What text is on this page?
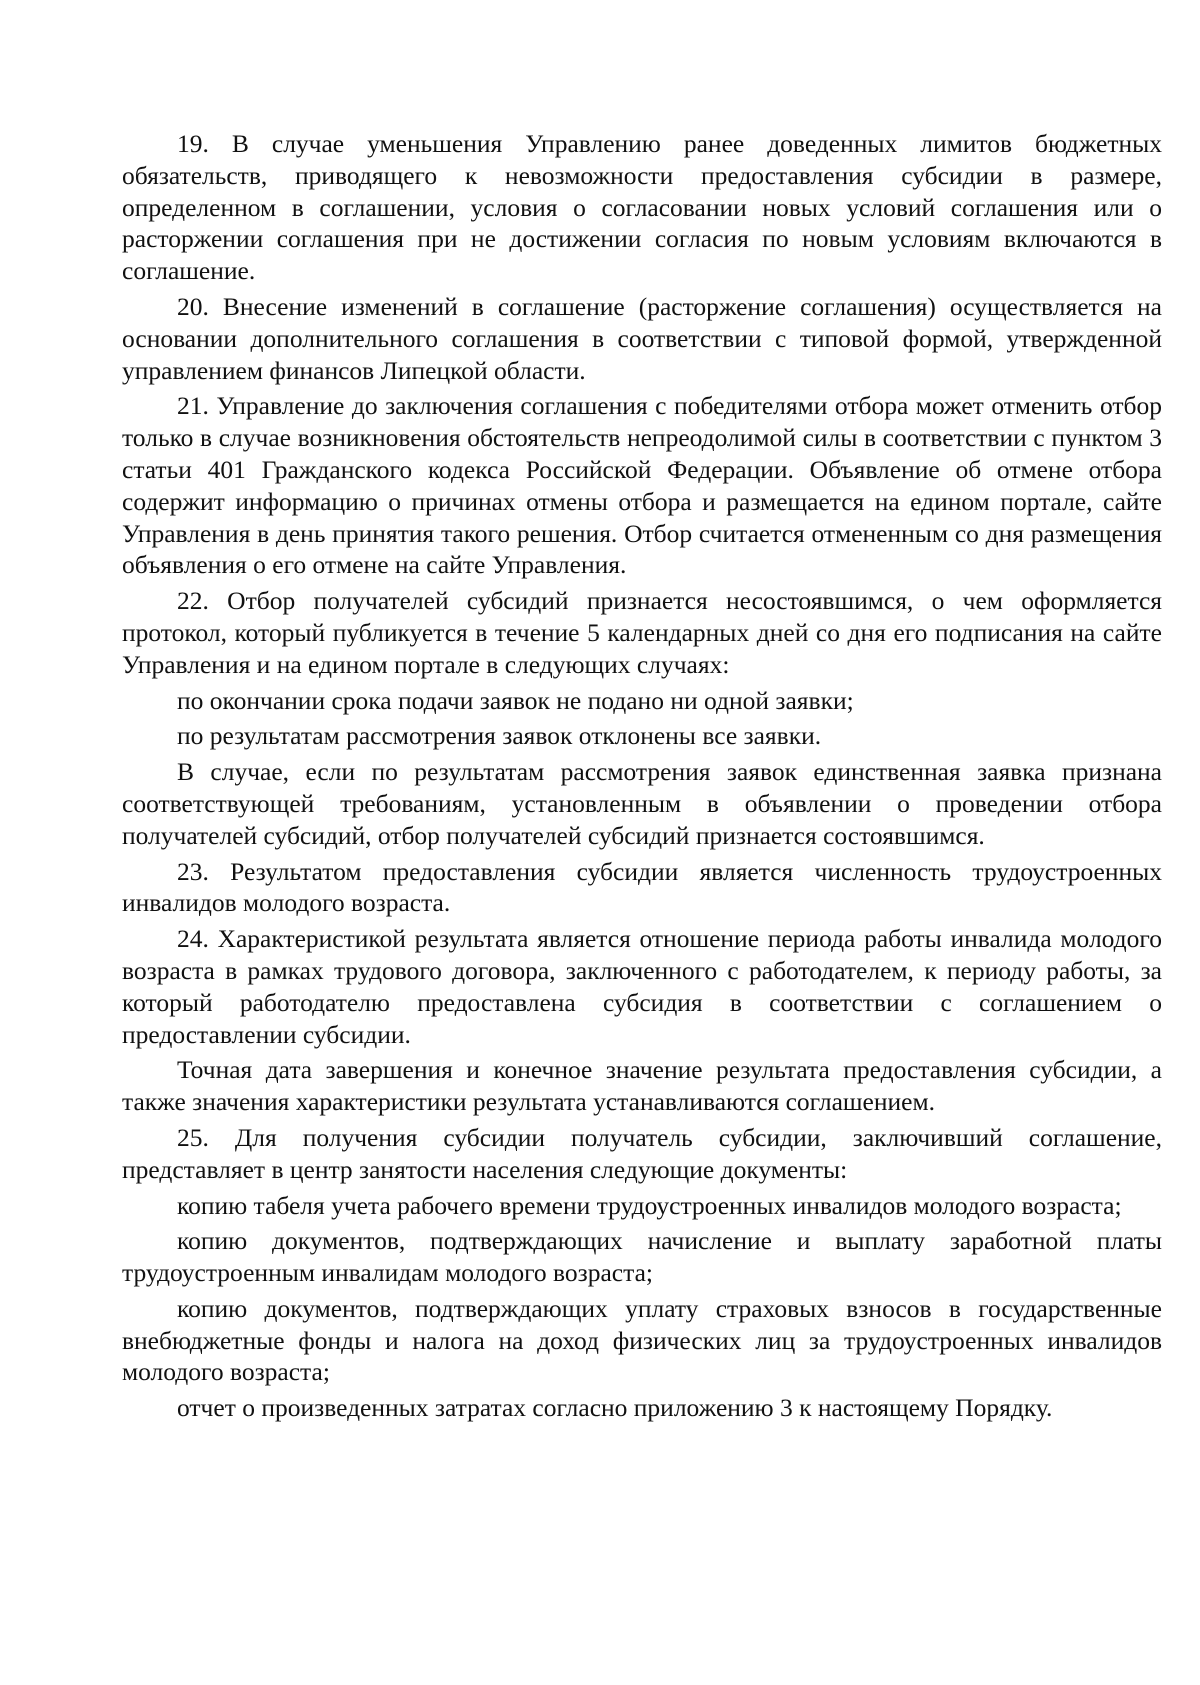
19. В случае уменьшения Управлению ранее доведенных лимитов бюджетных обязательств, приводящего к невозможности предоставления субсидии в размере, определенном в соглашении, условия о согласовании новых условий соглашения или о расторжении соглашения при не достижении согласия по новым условиям включаются в соглашение.

20. Внесение изменений в соглашение (расторжение соглашения) осуществляется на основании дополнительного соглашения в соответствии с типовой формой, утвержденной управлением финансов Липецкой области.

21. Управление до заключения соглашения с победителями отбора может отменить отбор только в случае возникновения обстоятельств непреодолимой силы в соответствии с пунктом 3 статьи 401 Гражданского кодекса Российской Федерации. Объявление об отмене отбора содержит информацию о причинах отмены отбора и размещается на едином портале, сайте Управления в день принятия такого решения. Отбор считается отмененным со дня размещения объявления о его отмене на сайте Управления.

22. Отбор получателей субсидий признается несостоявшимся, о чем оформляется протокол, который публикуется в течение 5 календарных дней со дня его подписания на сайте Управления и на едином портале в следующих случаях:

по окончании срока подачи заявок не подано ни одной заявки;

по результатам рассмотрения заявок отклонены все заявки.

В случае, если по результатам рассмотрения заявок единственная заявка признана соответствующей требованиям, установленным в объявлении о проведении отбора получателей субсидий, отбор получателей субсидий признается состоявшимся.

23. Результатом предоставления субсидии является численность трудоустроенных инвалидов молодого возраста.

24. Характеристикой результата является отношение периода работы инвалида молодого возраста в рамках трудового договора, заключенного с работодателем, к периоду работы, за который работодателю предоставлена субсидия в соответствии с соглашением о предоставлении субсидии.

Точная дата завершения и конечное значение результата предоставления субсидии, а также значения характеристики результата устанавливаются соглашением.

25. Для получения субсидии получатель субсидии, заключивший соглашение, представляет в центр занятости населения следующие документы:

копию табеля учета рабочего времени трудоустроенных инвалидов молодого возраста;

копию документов, подтверждающих начисление и выплату заработной платы трудоустроенным инвалидам молодого возраста;

копию документов, подтверждающих уплату страховых взносов в государственные внебюджетные фонды и налога на доход физических лиц за трудоустроенных инвалидов молодого возраста;

отчет о произведенных затратах согласно приложению 3 к настоящему Порядку.
